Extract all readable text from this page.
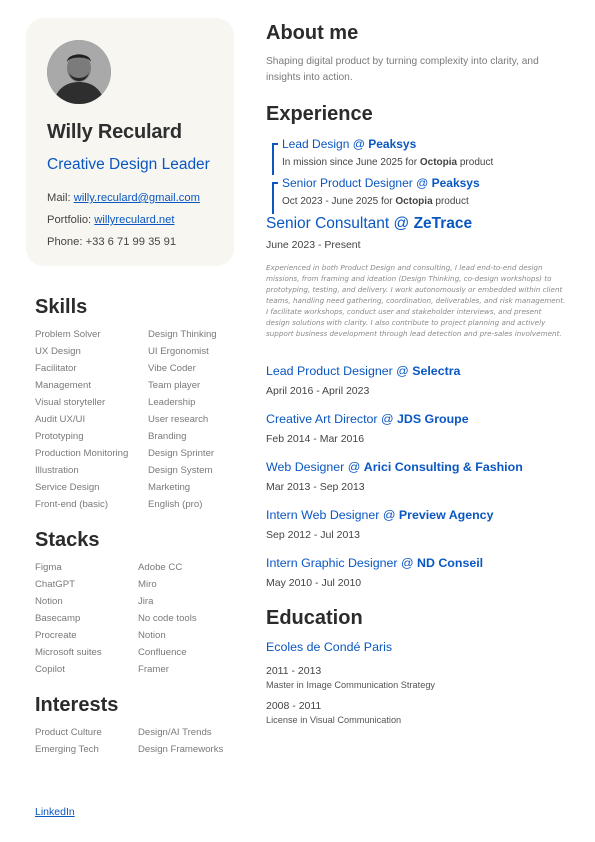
Willy Reculard
Creative Design Leader
Mail: willy.reculard@gmail.com
Portfolio: willyreculard.net
Phone: +33 6 71 99 35 91
Skills
Problem Solver
UX Design
Facilitator
Management
Visual storyteller
Audit UX/UI
Prototyping
Production Monitoring
Illustration
Service Design
Front-end (basic)
Design Thinking
UI Ergonomist
Vibe Coder
Team player
Leadership
User research
Branding
Design Sprinter
Design System
Marketing
English (pro)
Stacks
Figma
ChatGPT
Notion
Basecamp
Procreate
Microsoft suites
Copilot
Adobe CC
Miro
Jira
No code tools
Notion
Confluence
Framer
Interests
Product Culture
Emerging Tech
Design/AI Trends
Design Frameworks
LinkedIn
About me
Shaping digital product by turning complexity into clarity, and insights into action.
Experience
Lead Design @ Peaksys
In mission since June 2025 for Octopia product
Senior Product Designer @ Peaksys
Oct 2023 - June 2025 for Octopia product
Senior Consultant @ ZeTrace
June 2023 - Present
Experienced in both Product Design and consulting, I lead end-to-end design missions, from framing and ideation (Design Thinking, co-design workshops) to prototyping, testing, and delivery. I work autonomously or embedded within client teams, handling need gathering, coordination, deliverables, and risk management. I facilitate workshops, conduct user and stakeholder interviews, and present design solutions with clarity. I also contribute to project planning and actively support business development through lead detection and pre-sales involvement.
Lead Product Designer @ Selectra
April 2016 - April 2023
Creative Art Director @ JDS Groupe
Feb 2014 - Mar 2016
Web Designer @ Arici Consulting & Fashion
Mar 2013 - Sep 2013
Intern Web Designer @ Preview Agency
Sep 2012 - Jul 2013
Intern Graphic Designer @ ND Conseil
May 2010 - Jul 2010
Education
Ecoles de Condé Paris
2011 - 2013
Master in Image Communication Strategy
2008 - 2011
License in Visual Communication
